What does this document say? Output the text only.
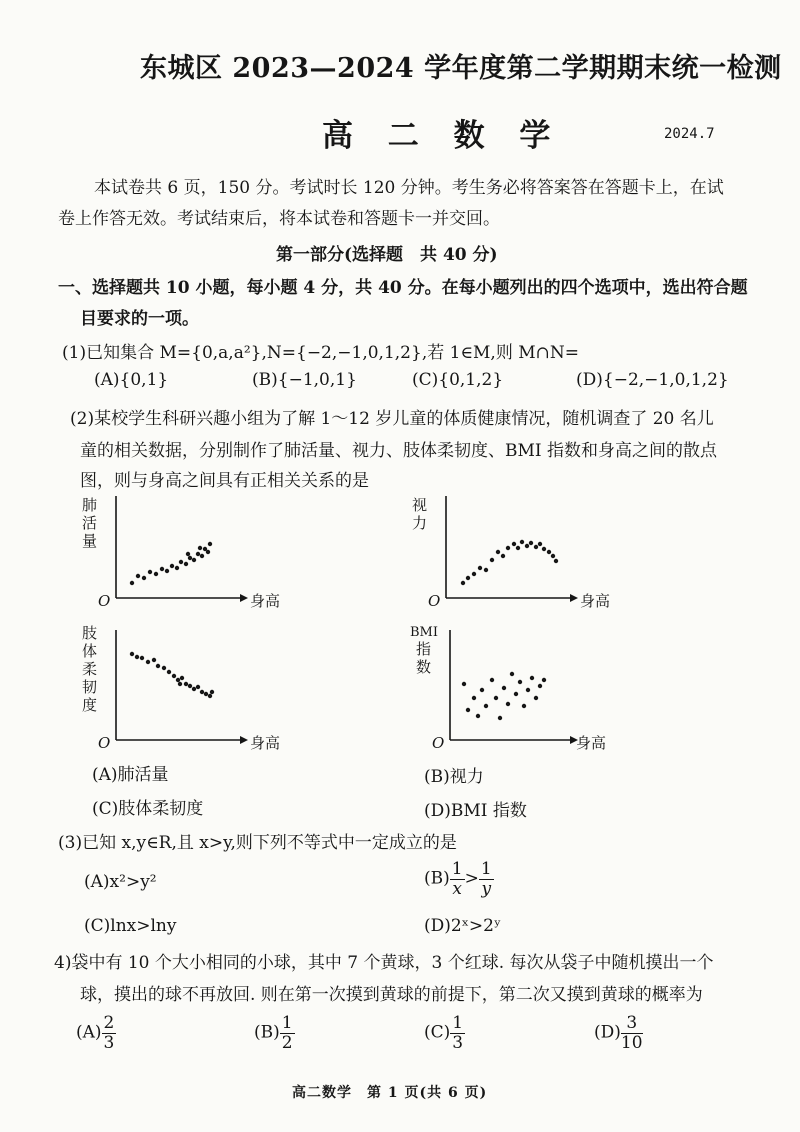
东城区 2023—2024 学年度第二学期期末统一检测
高 二 数 学	2024.7
本试卷共 6 页，150 分。考试时长 120 分钟。考生务必将答案答在答题卡上，在试
卷上作答无效。考试结束后，将本试卷和答题卡一并交回。
第一部分(选择题　共 40 分)
一、选择题共 10 小题，每小题 4 分，共 40 分。在每小题列出的四个选项中，选出符合题
目要求的一项。
(1)已知集合 M={0,a,a²},N={−2,−1,0,1,2},若 1∈M,则 M∩N=
(A){0,1}	(B){−1,0,1}	(C){0,1,2}	(D){−2,−1,0,1,2}
(2)某校学生科研兴趣小组为了解 1～12 岁儿童的体质健康情况，随机调查了 20 名儿
童的相关数据，分别制作了肺活量、视力、肢体柔韧度、BMI 指数和身高之间的散点
图，则与身高之间具有正相关关系的是
肺
活
量
O	身高
视
力
O	身高
肢
体
柔
韧
度
O	身高
BMI
指
数
O	身高
(A)肺活量	(B)视力
(C)肢体柔韧度	(D)BMI 指数
(3)已知 x,y∈R,且 x>y,则下列不等式中一定成立的是
(A)x²>y²	$(B) \frac{1}{x} > \frac{1}{y}$
(C)lnx>lny	(D)2ˣ>2ʸ
4)袋中有 10 个大小相同的小球，其中 7 个黄球，3 个红球. 每次从袋子中随机摸出一个
球，摸出的球不再放回. 则在第一次摸到黄球的前提下，第二次又摸到黄球的概率为
$(A) \frac{2}{3}$	$(B) \frac{1}{2}$	$(C) \frac{1}{3}$	$(D) \frac{3}{10}$
高二数学　第 1 页(共 6 页)
